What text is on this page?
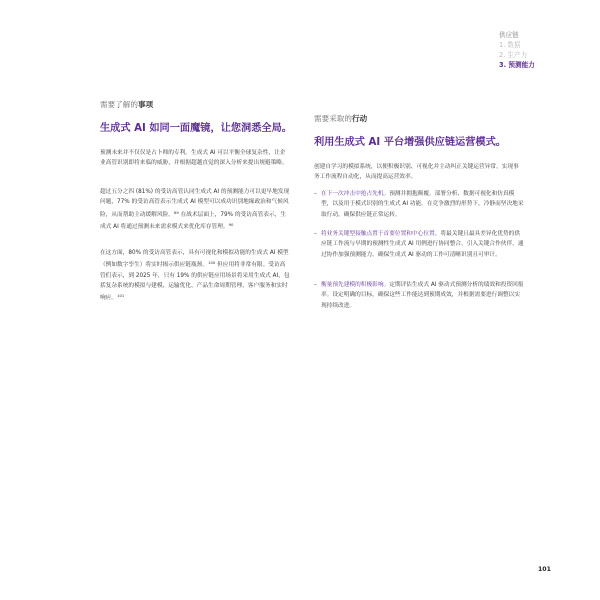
供应链
1. 数据
2. 生产力
3. 预测能力
需要了解的事项
生成式 AI 如同一面魔镜，让您洞悉全局。
预测未来并不仅仅是占卜师的专利。生成式 AI 可以平衡全球复杂性，让企业高管识别即将来临的威胁，并根据超越直觉的深入分析来提出规避策略。
超过五分之四 (81%) 的受访高管认同生成式 AI 的预测能力可以更早地发现问题，77% 的受访高管表示生成式 AI 模型可以成功识别地缘政治和气候风险，从而帮助主动缓解风险。$^{89}$ 在战术层面上，79% 的受访高管表示，生成式 AI 将通过预测未来需求模式来优化库存管理。$^{90}$
在这方面，80% 的受访高管表示，具有可视化和模拟功能的生成式 AI 模型（例如数字孪生）将实时揭示供应链瓶颈。$^{100}$ 但应用将非常有限。受访高管们表示，到 2025 年，只有 19% 的供应链应用场景将采用生成式 AI，包括复杂系统的模拟与建模、运输优化、产品生命周期管理、客户服务和实时响应。$^{101}$
需要采取的行动
利用生成式 AI 平台增强供应链运营模式。
创建自学习的模拟系统，以便积极识别、可视化并主动纠正关键运营异常。实现事务工作流程自动化，从而提高运营效率。
– 在下一次冲击中抢占先机。预测并拥抱颠覆。部署分析、数据可视化和仿真模型，以及用于模式识别的生成式 AI 功能。在竞争激烈的形势下，冷静而坚决地采取行动，确保供应链正常运转。
– 将业务关键型接触点置于首要位置和中心位置。将最关键且最具差异化优势的供应链工作流与早期的预测性生成式 AI 用例进行协同整合。引入关键合作伙伴，通过协作加强预测能力。确保生成式 AI 驱动的工作可清晰识别且可审计。
– 衡量预先建模的积极影响。定期评估生成式 AI 驱动式预测分析的绩效和投资回报率。设定明确的目标，确保这些工作能达到预期成效，并根据需要进行调整以实现持续改进。
101
